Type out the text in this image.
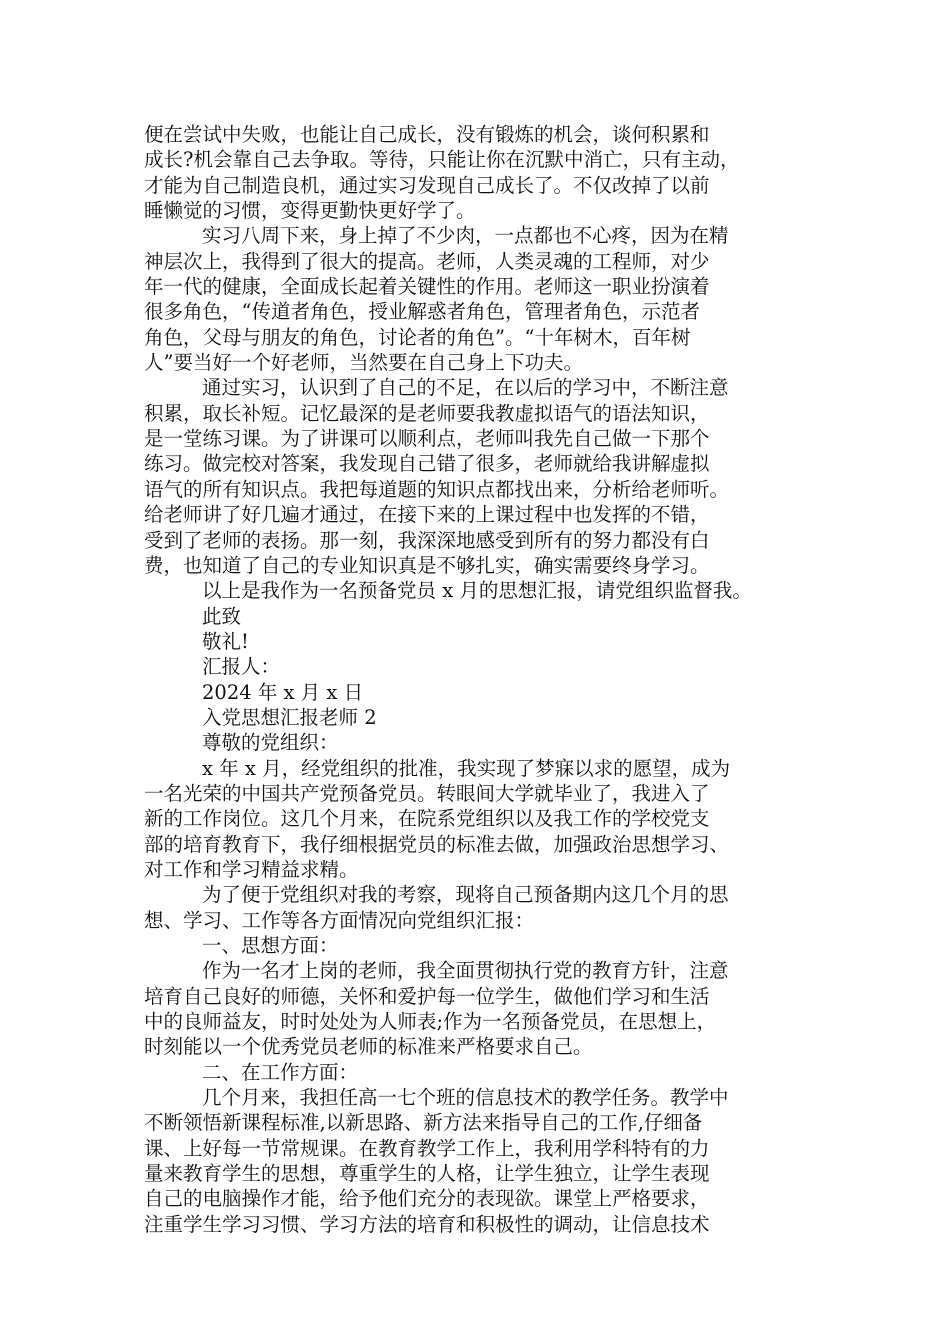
便在尝试中失败，也能让自己成长，没有锻炼的机会，谈何积累和
成长?机会靠自己去争取。等待，只能让你在沉默中消亡，只有主动，
才能为自己制造良机，通过实习发现自己成长了。不仅改掉了以前
睡懒觉的习惯，变得更勤快更好学了。
实习八周下来，身上掉了不少肉，一点都也不心疼，因为在精
神层次上，我得到了很大的提高。老师，人类灵魂的工程师，对少
年一代的健康，全面成长起着关键性的作用。老师这一职业扮演着
很多角色，“传道者角色，授业解惑者角色，管理者角色，示范者
角色，父母与朋友的角色，讨论者的角色”。“十年树木，百年树
人”要当好一个好老师，当然要在自己身上下功夫。
通过实习，认识到了自己的不足，在以后的学习中，不断注意
积累，取长补短。记忆最深的是老师要我教虚拟语气的语法知识，
是一堂练习课。为了讲课可以顺利点，老师叫我先自己做一下那个
练习。做完校对答案，我发现自己错了很多，老师就给我讲解虚拟
语气的所有知识点。我把每道题的知识点都找出来，分析给老师听。
给老师讲了好几遍才通过，在接下来的上课过程中也发挥的不错，
受到了老师的表扬。那一刻，我深深地感受到所有的努力都没有白
费，也知道了自己的专业知识真是不够扎实，确实需要终身学习。
以上是我作为一名预备党员 x 月的思想汇报，请党组织监督我。
此致
敬礼!
汇报人：
2024 年 x 月 x 日
入党思想汇报老师 2
尊敬的党组织：
x 年 x 月，经党组织的批准，我实现了梦寐以求的愿望，成为
一名光荣的中国共产党预备党员。转眼间大学就毕业了，我进入了
新的工作岗位。这几个月来，在院系党组织以及我工作的学校党支
部的培育教育下，我仔细根据党员的标准去做，加强政治思想学习、
对工作和学习精益求精。
为了便于党组织对我的考察，现将自己预备期内这几个月的思
想、学习、工作等各方面情况向党组织汇报：
一、思想方面：
作为一名才上岗的老师，我全面贯彻执行党的教育方针，注意
培育自己良好的师德，关怀和爱护每一位学生，做他们学习和生活
中的良师益友，时时处处为人师表;作为一名预备党员，在思想上，
时刻能以一个优秀党员老师的标准来严格要求自己。
二、在工作方面：
几个月来，我担任高一七个班的信息技术的教学任务。教学中
不断领悟新课程标准,以新思路、新方法来指导自己的工作,仔细备
课、上好每一节常规课。在教育教学工作上，我利用学科特有的力
量来教育学生的思想，尊重学生的人格，让学生独立，让学生表现
自己的电脑操作才能，给予他们充分的表现欲。课堂上严格要求，
注重学生学习习惯、学习方法的培育和积极性的调动，让信息技术
